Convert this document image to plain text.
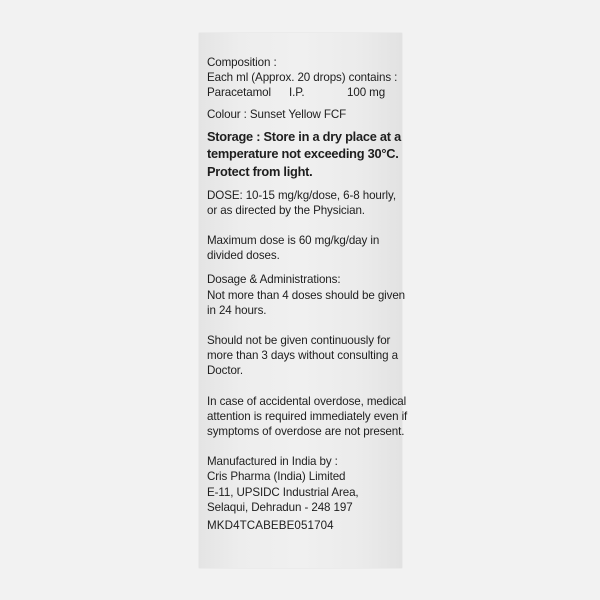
Composition :
Each ml (Approx. 20 drops) contains :
Paracetamol	I.P.	100 mg
Colour : Sunset Yellow FCF
Storage : Store in a dry place at a
temperature not exceeding 30°C.
Protect from light.
DOSE: 10-15 mg/kg/dose, 6-8 hourly,
or as directed by the Physician.
Maximum dose is 60 mg/kg/day in
divided doses.
Dosage & Administrations:
Not more than 4 doses should be given
in 24 hours.
Should not be given continuously for
more than 3 days without consulting a
Doctor.
In case of accidental overdose, medical
attention is required immediately even if
symptoms of overdose are not present.
Manufactured in India by :
Cris Pharma (India) Limited
E-11, UPSIDC Industrial Area,
Selaqui, Dehradun - 248 197
MKD4TCABEBE051704
